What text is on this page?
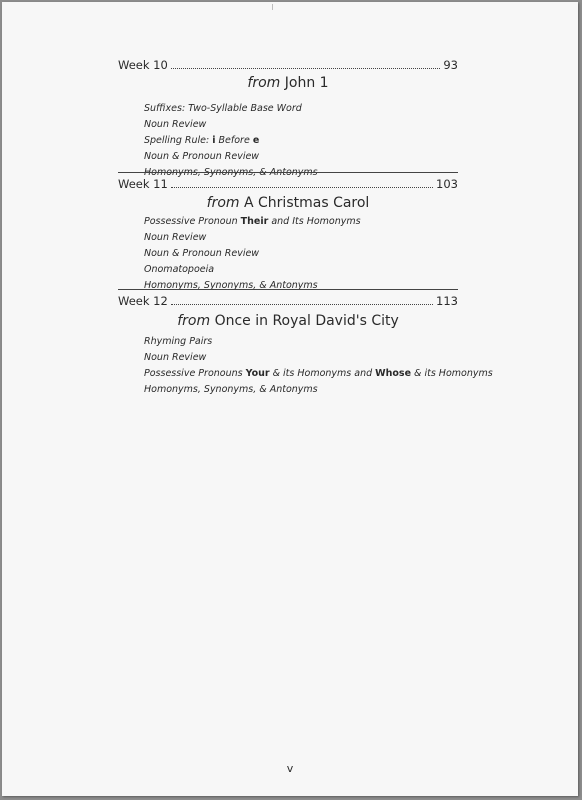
Week 10	93
from John 1
Suffixes: Two-Syllable Base Word
Noun Review
Spelling Rule: i Before e
Noun & Pronoun Review
Homonyms, Synonyms, & Antonyms
Week 11	103
from A Christmas Carol
Possessive Pronoun Their and Its Homonyms
Noun Review
Noun & Pronoun Review
Onomatopoeia
Homonyms, Synonyms, & Antonyms
Week 12	113
from Once in Royal David's City
Rhyming Pairs
Noun Review
Possessive Pronouns Your & its Homonyms and Whose & its Homonyms
Homonyms, Synonyms, & Antonyms
v
